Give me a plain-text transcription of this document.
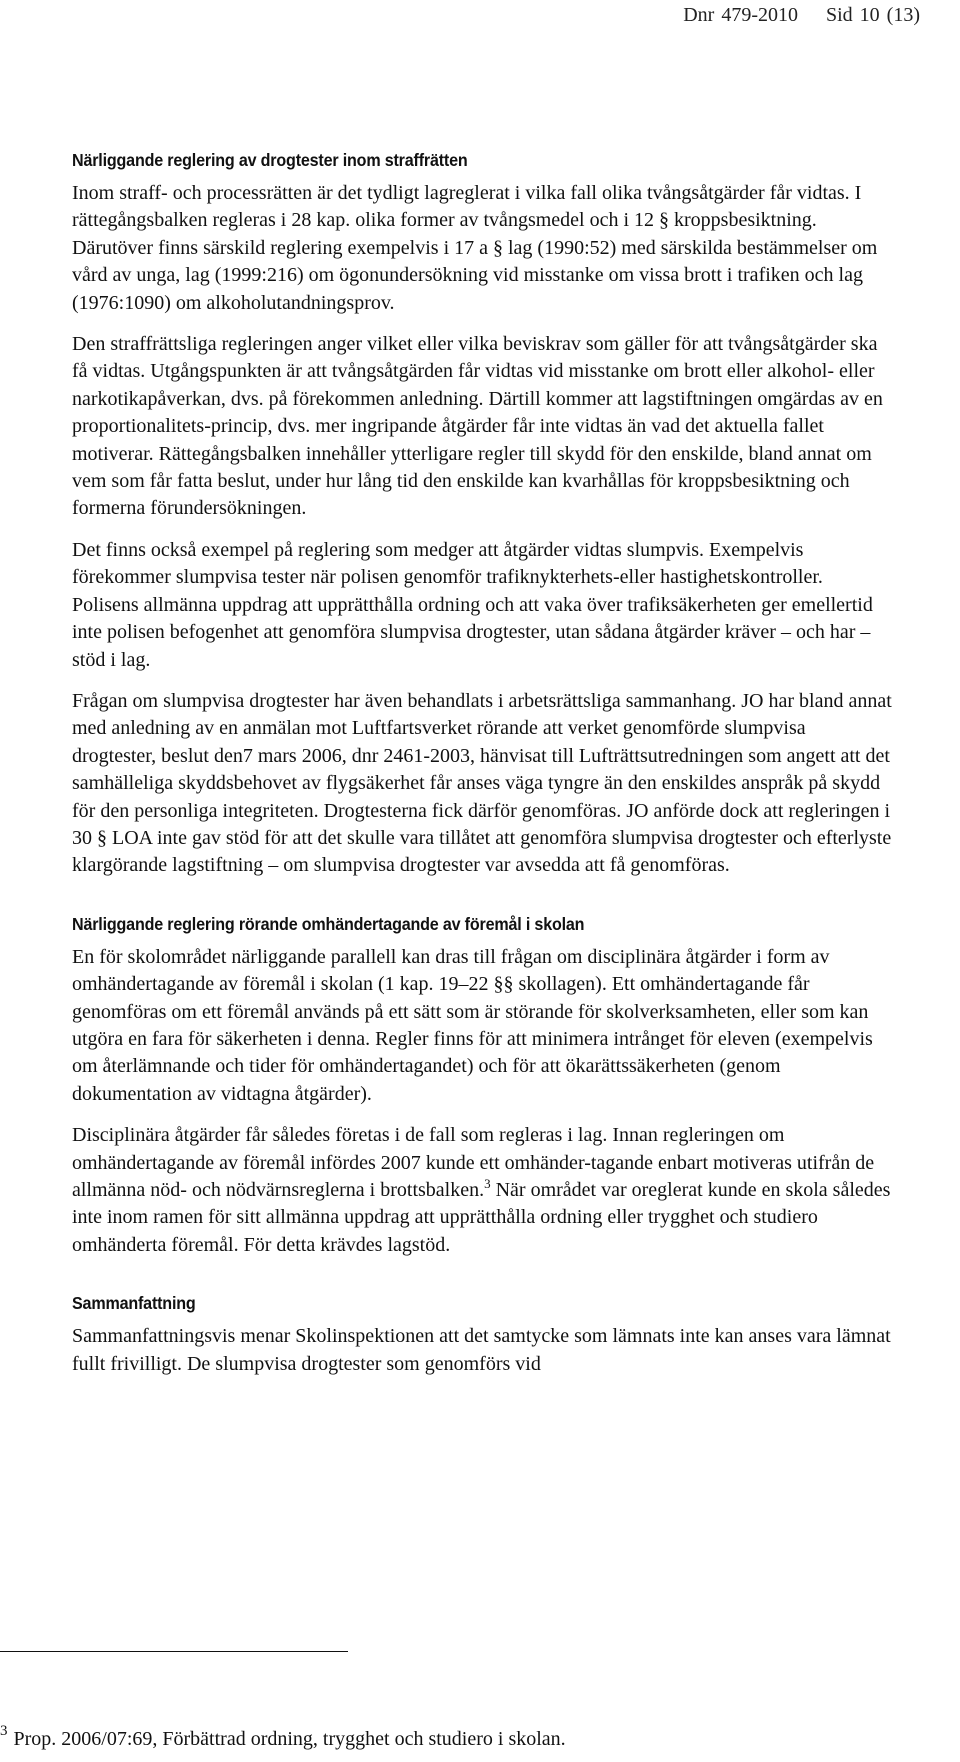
Dnr 479-2010 Sid 10 (13)
Närliggande reglering av drogtester inom straffrätten

Inom straff- och processrätten är det tydligt lagreglerat i vilka fall olika tvångsåtgärder får vidtas. I rättegångsbalken regleras i 28 kap. olika former av tvångsmedel och i 12 § kroppsbesiktning. Därutöver finns särskild reglering exempelvis i 17 a § lag (1990:52) med särskilda bestämmelser om vård av unga, lag (1999:216) om ögonundersökning vid misstanke om vissa brott i trafiken och lag (1976:1090) om alkoholutandningsprov.

Den straffrättsliga regleringen anger vilket eller vilka beviskrav som gäller för att tvångsåtgärder ska få vidtas. Utgångspunkten är att tvångsåtgärden får vidtas vid misstanke om brott eller alkohol- eller narkotikapåverkan, dvs. på förekommen anledning. Därtill kommer att lagstiftningen omgärdas av en proportionalitets-princip, dvs. mer ingripande åtgärder får inte vidtas än vad det aktuella fallet motiverar. Rättegångsbalken innehåller ytterligare regler till skydd för den enskilde, bland annat om vem som får fatta beslut, under hur lång tid den enskilde kan kvarhållas för kroppsbesiktning och formerna förundersökningen.

Det finns också exempel på reglering som medger att åtgärder vidtas slumpvis. Exempelvis förekommer slumpvisa tester när polisen genomför trafiknykterhets-eller hastighetskontroller. Polisens allmänna uppdrag att upprätthålla ordning och att vaka över trafiksäkerheten ger emellertid inte polisen befogenhet att genomföra slumpvisa drogtester, utan sådana åtgärder kräver – och har – stöd i lag.

Frågan om slumpvisa drogtester har även behandlats i arbetsrättsliga sammanhang. JO har bland annat med anledning av en anmälan mot Luftfartsverket rörande att verket genomförde slumpvisa drogtester, beslut den7 mars 2006, dnr 2461-2003, hänvisat till Lufträttsutredningen som angett att det samhälleliga skyddsbehovet av flygsäkerhet får anses väga tyngre än den enskildes anspråk på skydd för den personliga integriteten. Drogtesterna fick därför genomföras. JO anförde dock att regleringen i 30 § LOA inte gav stöd för att det skulle vara tillåtet att genomföra slumpvisa drogtester och efterlyste klargörande lagstiftning – om slumpvisa drogtester var avsedda att få genomföras.

Närliggande reglering rörande omhändertagande av föremål i skolan

En för skolområdet närliggande parallell kan dras till frågan om disciplinära åtgärder i form av omhändertagande av föremål i skolan (1 kap. 19–22 §§ skollagen). Ett omhändertagande får genomföras om ett föremål används på ett sätt som är störande för skolverksamheten, eller som kan utgöra en fara för säkerheten i denna. Regler finns för att minimera intrånget för eleven (exempelvis om återlämnande och tider för omhändertagandet) och för att ökarättssäkerheten (genom dokumentation av vidtagna åtgärder).

Disciplinära åtgärder får således företas i de fall som regleras i lag. Innan regleringen om omhändertagande av föremål infördes 2007 kunde ett omhänder-tagande enbart motiveras utifrån de allmänna nöd- och nödvärnsreglerna i brottsbalken.$^3$ När området var oreglerat kunde en skola således inte inom ramen för sitt allmänna uppdrag att upprätthålla ordning eller trygghet och studiero omhänderta föremål. För detta krävdes lagstöd.

Sammanfattning

Sammanfattningsvis menar Skolinspektionen att det samtycke som lämnats inte kan anses vara lämnat fullt frivilligt. De slumpvisa drogtester som genomförs vid

$^3$ Prop. 2006/07:69, Förbättrad ordning, trygghet och studiero i skolan.
